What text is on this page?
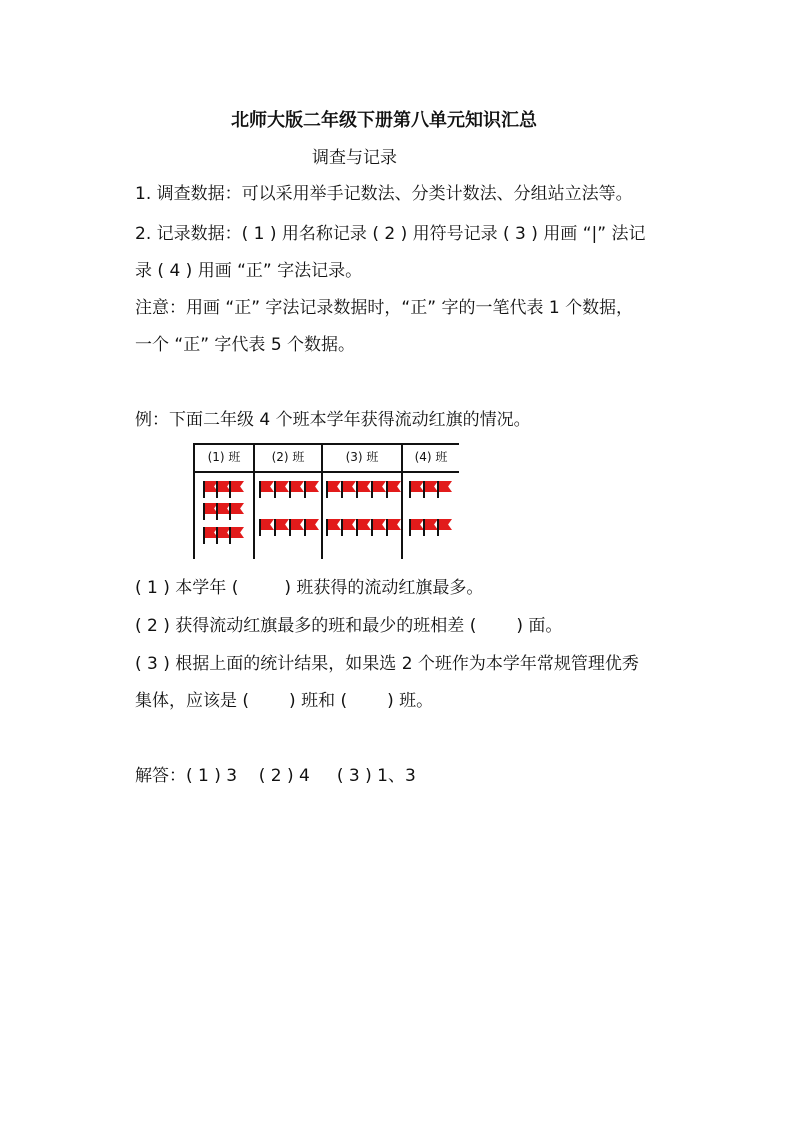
北师大版二年级下册第八单元知识汇总
调查与记录
1. 调查数据：可以采用举手记数法、分类计数法、分组站立法等。
2. 记录数据：( 1 ) 用名称记录 ( 2 ) 用符号记录 ( 3 ) 用画 “|” 法记
录 ( 4 ) 用画 “正” 字法记录。
注意：用画 “正” 字法记录数据时，“正” 字的一笔代表 1 个数据，
一个 “正” 字代表 5 个数据。
例：下面二年级 4 个班本学年获得流动红旗的情况。
(1) 班	(2) 班	(3) 班	(4) 班
( 1 ) 本学年 (	) 班获得的流动红旗最多。
( 2 ) 获得流动红旗最多的班和最少的班相差 ( ) 面。
( 3 ) 根据上面的统计结果，如果选 2 个班作为本学年常规管理优秀
集体，应该是 ( ) 班和 ( ) 班。
解答：( 1 ) 3    ( 2 ) 4     ( 3 ) 1、3
